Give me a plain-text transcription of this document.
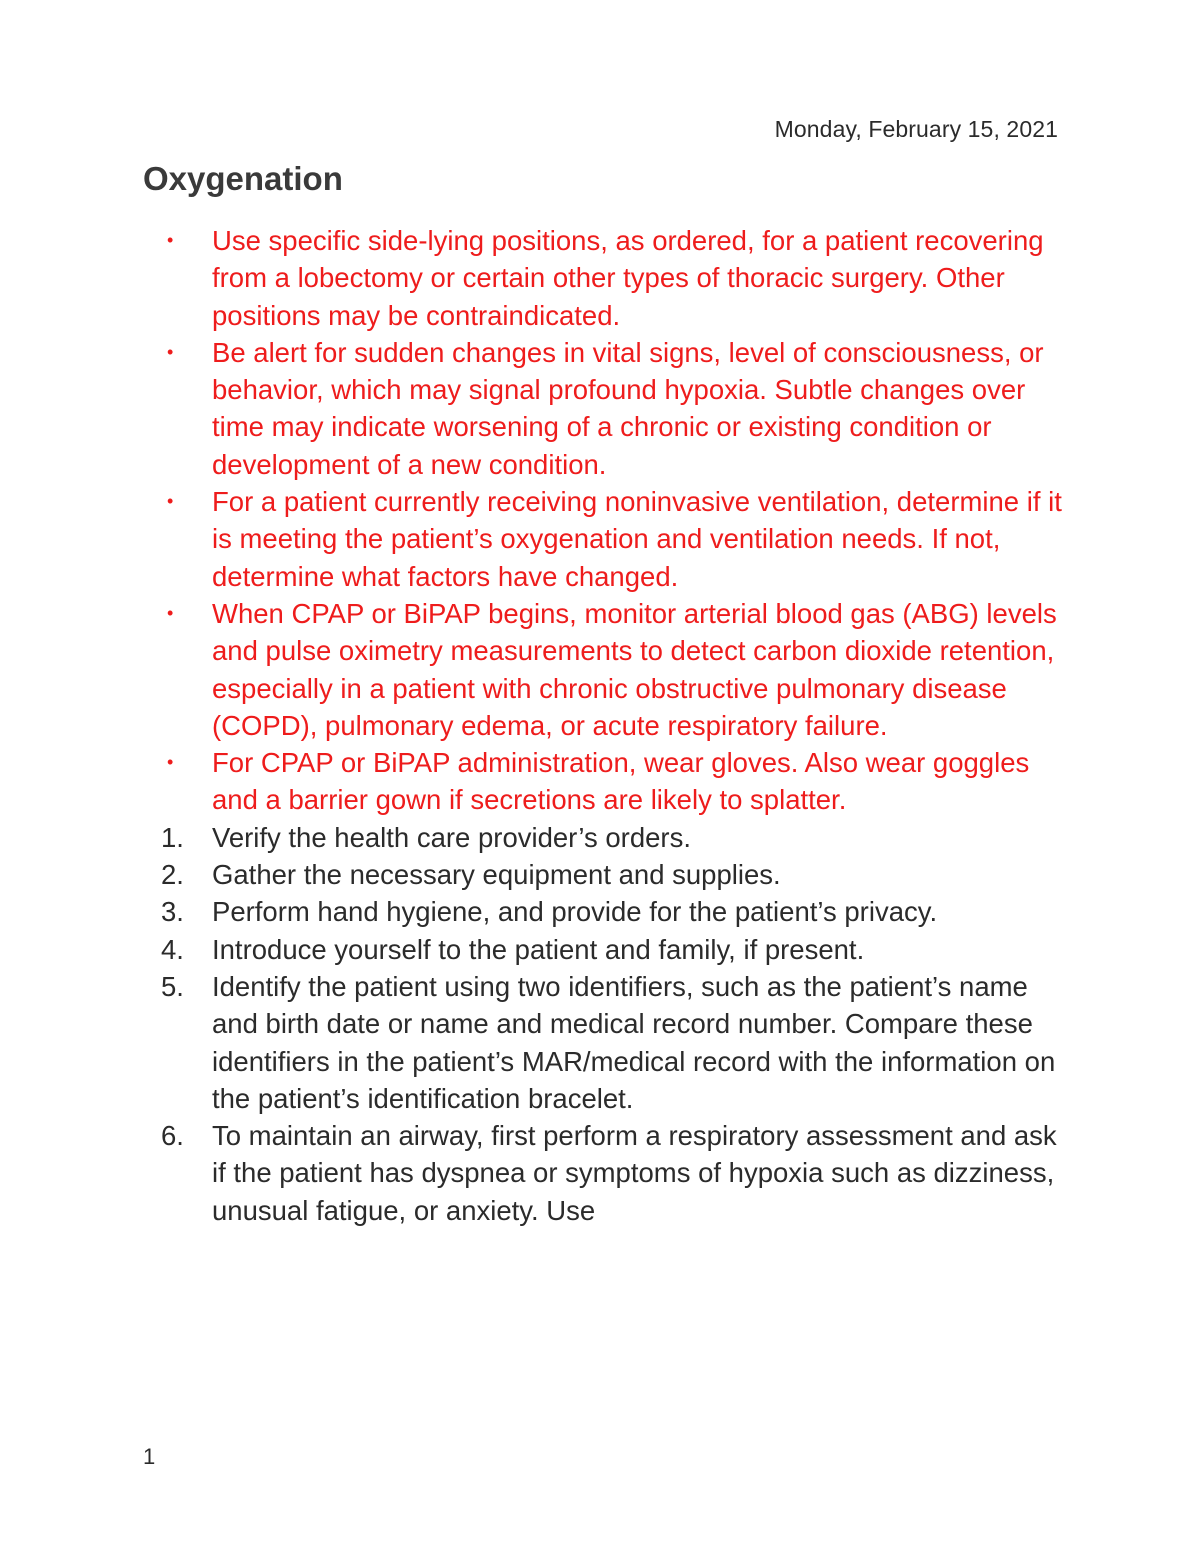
Monday, February 15, 2021
Oxygenation
•	Use specific side-lying positions, as ordered, for a patient recovering from a lobectomy or certain other types of thoracic surgery. Other positions may be contraindicated.
•	Be alert for sudden changes in vital signs, level of consciousness, or behavior, which may signal profound hypoxia. Subtle changes over time may indicate worsening of a chronic or existing condition or development of a new condition.
•	For a patient currently receiving noninvasive ventilation, determine if it is meeting the patient’s oxygenation and ventilation needs. If not, determine what factors have changed.
•	When CPAP or BiPAP begins, monitor arterial blood gas (ABG) levels and pulse oximetry measurements to detect carbon dioxide retention, especially in a patient with chronic obstructive pulmonary disease (COPD), pulmonary edema, or acute respiratory failure.
•	For CPAP or BiPAP administration, wear gloves. Also wear goggles and a barrier gown if secretions are likely to splatter.
1.	Verify the health care provider’s orders.
2.	Gather the necessary equipment and supplies.
3.	Perform hand hygiene, and provide for the patient’s privacy.
4.	Introduce yourself to the patient and family, if present.
5.	Identify the patient using two identifiers, such as the patient’s name and birth date or name and medical record number. Compare these identifiers in the patient’s MAR/medical record with the information on the patient’s identification bracelet.
6.	To maintain an airway, first perform a respiratory assessment and ask if the patient has dyspnea or symptoms of hypoxia such as dizziness, unusual fatigue, or anxiety. Use
1
